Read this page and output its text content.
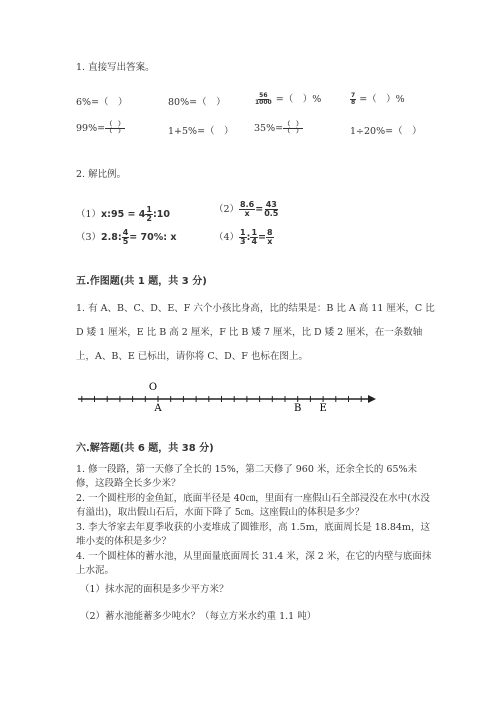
1. 直接写出答案。
6%=（　）	80%=（　）	$\frac{56}{1000}$ =（　）%	$\frac{7}{8}$ =（　）%
$99\%= \frac{( )}{( )}$	1+5%=（　） $35\%= \frac{( )}{( )}$	1÷20%=（　）
2. 解比例。
（1）x:95 = $4 \frac{1}{2}$ :10	$(2) \frac{8.6}{x} = \frac{43}{0.5}$
（3）2.8: $\frac{4}{5} = 70\%$: x	$(4) \frac{1}{3}$ : $\frac{1}{4} = \frac{8}{x}$
五.作图题(共 1 题，共 3 分)
1. 有 A、B、C、D、E、F 六个小孩比身高，比的结果是：B 比 A 高 11 厘米，C 比 D 矮 1 厘米，E 比 B 高 2 厘米，F 比 B 矮 7 厘米，比 D 矮 2 厘米，在一条数轴上，A、B、E 已标出，请你将 C、D、F 也标在图上。
O
A	B E
六.解答题(共 6 题，共 38 分)
1. 修一段路，第一天修了全长的 15%，第二天修了 960 米，还余全长的 65%未修，这段路全长多少米？
2. 一个圆柱形的金鱼缸，底面半径是 40㎝，里面有一座假山石全部浸没在水中(水没有溢出)，取出假山石后，水面下降了 5㎝。这座假山的体积是多少？
3. 李大爷家去年夏季收获的小麦堆成了圆锥形，高 1.5m，底面周长是 18.84m，这堆小麦的体积是多少？
4. 一个圆柱体的蓄水池，从里面量底面周长 31.4 米，深 2 米，在它的内壁与底面抹上水泥。
（1）抹水泥的面积是多少平方米？
（2）蓄水池能蓄多少吨水？（每立方米水约重 1.1 吨）
